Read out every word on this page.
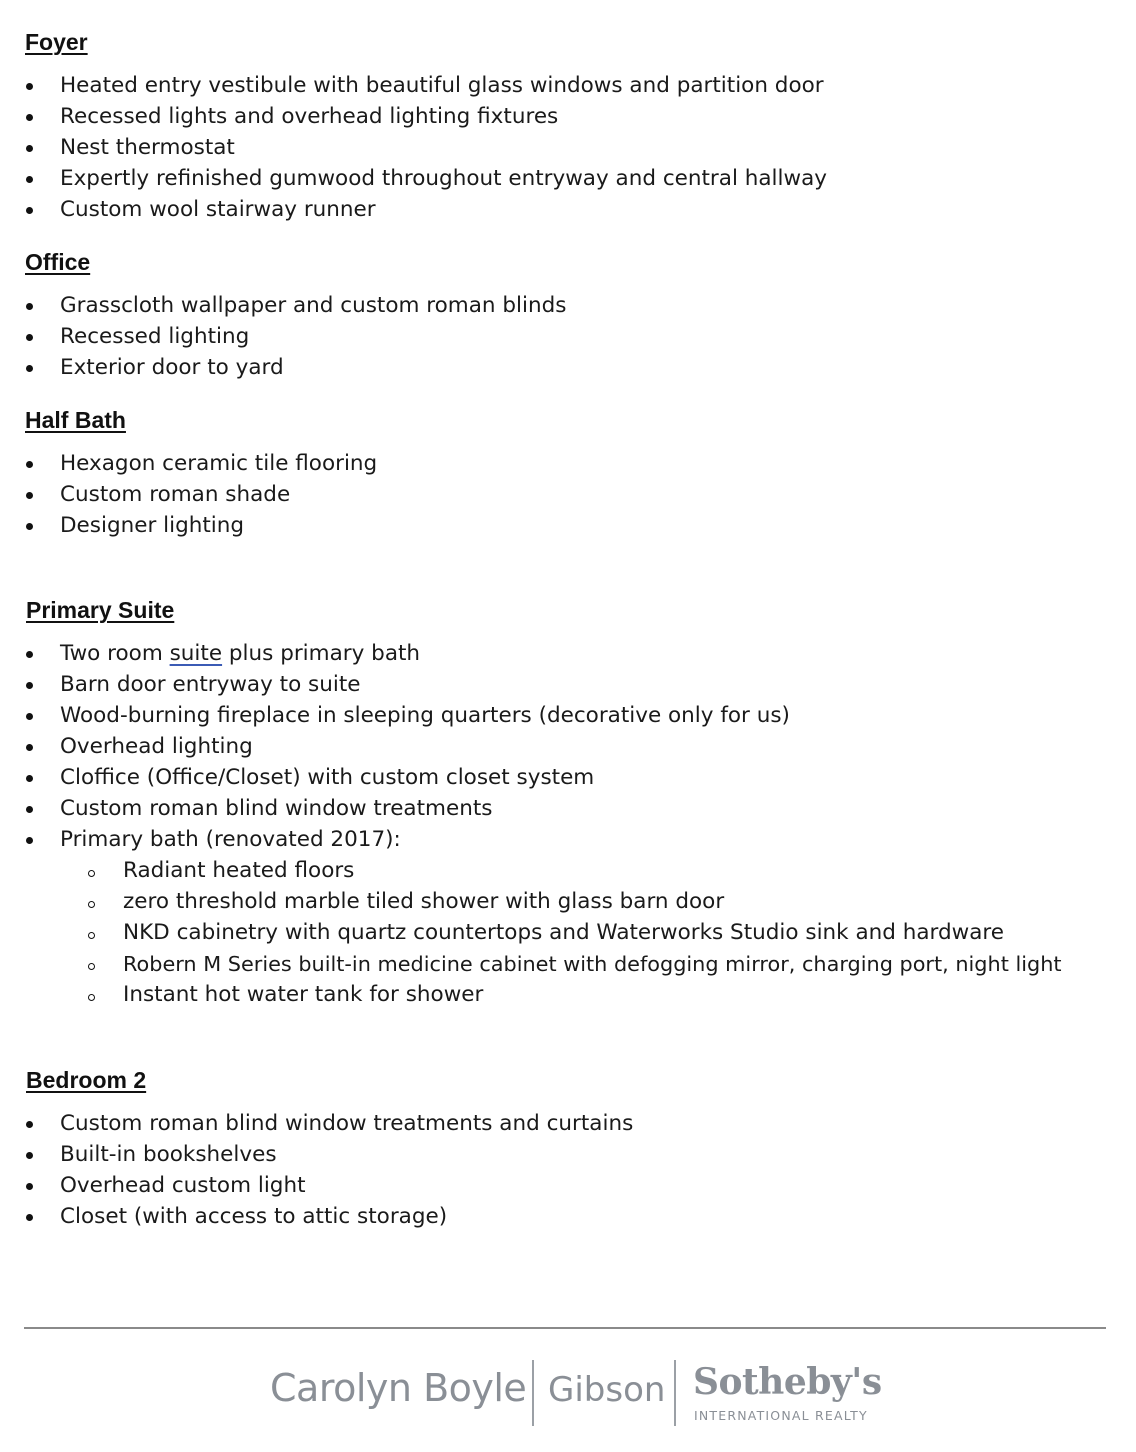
Foyer
Heated entry vestibule with beautiful glass windows and partition door
Recessed lights and overhead lighting fixtures
Nest thermostat
Expertly refinished gumwood throughout entryway and central hallway
Custom wool stairway runner
Office
Grasscloth wallpaper and custom roman blinds
Recessed lighting
Exterior door to yard
Half Bath
Hexagon ceramic tile flooring
Custom roman shade
Designer lighting
Primary Suite
Two room suite plus primary bath
Barn door entryway to suite
Wood-burning fireplace in sleeping quarters (decorative only for us)
Overhead lighting
Cloffice (Office/Closet) with custom closet system
Custom roman blind window treatments
Primary bath (renovated 2017):
Radiant heated floors
zero threshold marble tiled shower with glass barn door
NKD cabinetry with quartz countertops and Waterworks Studio sink and hardware
Robern M Series built-in medicine cabinet with defogging mirror, charging port, night light
Instant hot water tank for shower
Bedroom 2
Custom roman blind window treatments and curtains
Built-in bookshelves
Overhead custom light
Closet (with access to attic storage)
Carolyn Boyle Gibson Sotheby's
INTERNATIONAL REALTY
